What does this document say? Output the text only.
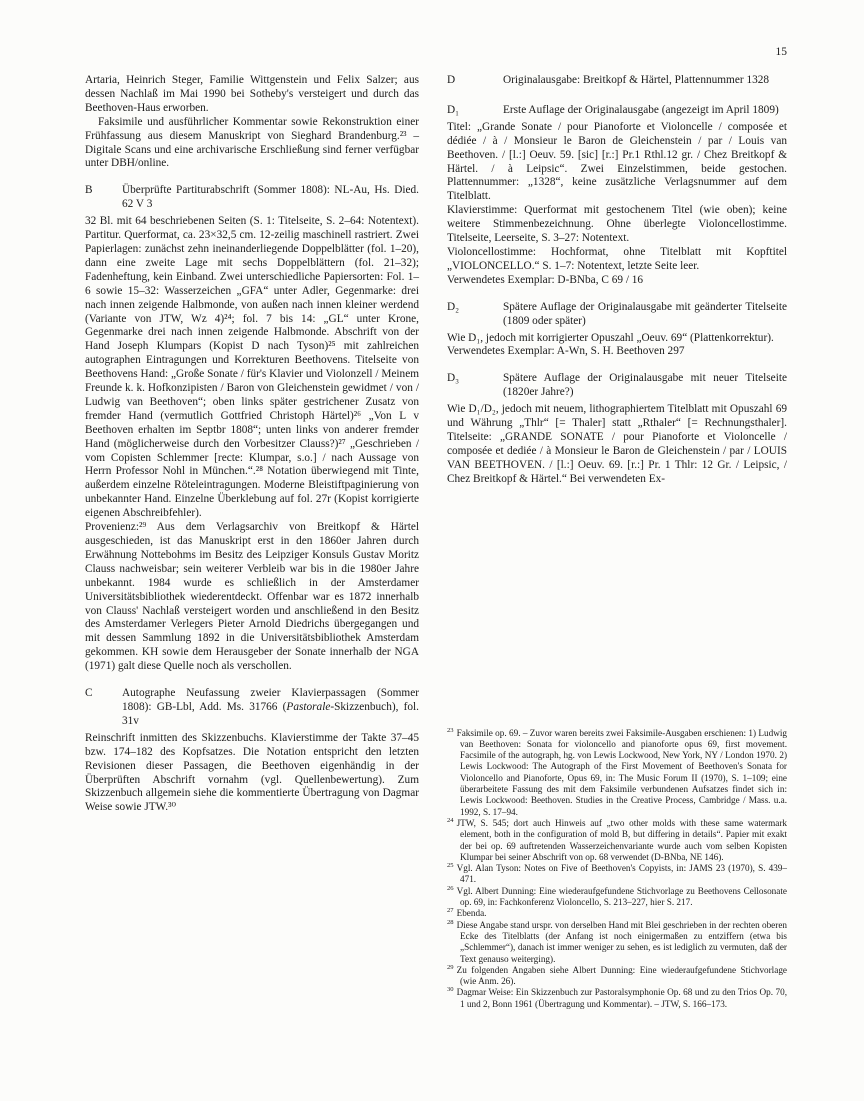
15

Artaria, Heinrich Steger, Familie Wittgenstein und Felix Salzer; aus dessen Nachlaß im Mai 1990 bei Sotheby's versteigert und durch das Beethoven-Haus erworben.

Faksimile und ausführlicher Kommentar sowie Rekonstruktion einer Frühfassung aus diesem Manuskript von Sieghard Brandenburg.²³ – Digitale Scans und eine archivarische Erschließung sind ferner verfügbar unter DBH/online.

B	Überprüfte Partiturabschrift (Sommer 1808): NL-Au, Hs. Died. 62 V 3

32 Bl. mit 64 beschriebenen Seiten (S. 1: Titelseite, S. 2–64: Notentext). Partitur. Querformat, ca. 23×32,5 cm. 12-zeilig maschinell rastriert. Zwei Papierlagen: zunächst zehn ineinanderliegende Doppelblätter (fol. 1–20), dann eine zweite Lage mit sechs Doppelblättern (fol. 21–32); Fadenheftung, kein Einband. Zwei unterschiedliche Papiersorten: Fol. 1–6 sowie 15–32: Wasserzeichen „GFA“ unter Adler, Gegenmarke: drei nach innen zeigende Halbmonde, von außen nach innen kleiner werdend (Variante von JTW, Wz 4)²⁴; fol. 7 bis 14: „GL“ unter Krone, Gegenmarke drei nach innen zeigende Halbmonde. Abschrift von der Hand Joseph Klumpars (Kopist D nach Tyson)²⁵ mit zahlreichen autographen Eintragungen und Korrekturen Beethovens. Titelseite von Beethovens Hand: „Große Sonate / für's Klavier und Violonzell / Meinem Freunde k. k. Hofkonzipisten / Baron von Gleichenstein gewidmet / von / Ludwig van Beethoven“; oben links später gestrichener Zusatz von fremder Hand (vermutlich Gottfried Christoph Härtel)²⁶ „Von L v Beethoven erhalten im Septbr 1808“; unten links von anderer fremder Hand (möglicherweise durch den Vorbesitzer Clauss?)²⁷ „Geschrieben / vom Copisten Schlemmer [recte: Klumpar, s.o.] / nach Aussage von Herrn Professor Nohl in München.“.²⁸ Notation überwiegend mit Tinte, außerdem einzelne Röteleintragungen. Moderne Bleistiftpaginierung von unbekannter Hand. Einzelne Überklebung auf fol. 27r (Kopist korrigierte eigenen Abschreibfehler).

Provenienz:²⁹ Aus dem Verlagsarchiv von Breitkopf & Härtel ausgeschieden, ist das Manuskript erst in den 1860er Jahren durch Erwähnung Nottebohms im Besitz des Leipziger Konsuls Gustav Moritz Clauss nachweisbar; sein weiterer Verbleib war bis in die 1980er Jahre unbekannt. 1984 wurde es schließlich in der Amsterdamer Universitätsbibliothek wiederentdeckt. Offenbar war es 1872 innerhalb von Clauss' Nachlaß versteigert worden und anschließend in den Besitz des Amsterdamer Verlegers Pieter Arnold Diedrichs übergegangen und mit dessen Sammlung 1892 in die Universitätsbibliothek Amsterdam gekommen. KH sowie dem Herausgeber der Sonate innerhalb der NGA (1971) galt diese Quelle noch als verschollen.

C	Autographe Neufassung zweier Klavierpassagen (Sommer 1808): GB-Lbl, Add. Ms. 31766 (Pastorale-Skizzenbuch), fol. 31v

Reinschrift inmitten des Skizzenbuchs. Klavierstimme der Takte 37–45 bzw. 174–182 des Kopfsatzes. Die Notation entspricht den letzten Revisionen dieser Passagen, die Beethoven eigenhändig in der Überprüften Abschrift vornahm (vgl. Quellenbewertung). Zum Skizzenbuch allgemein siehe die kommentierte Übertragung von Dagmar Weise sowie JTW.³⁰

D	Originalausgabe: Breitkopf & Härtel, Plattennummer 1328
D₁	Erste Auflage der Originalausgabe (angezeigt im April 1809)

Titel: „Grande Sonate / pour Pianoforte et Violoncelle / composée et dédiée / à / Monsieur le Baron de Gleichenstein / par / Louis van Beethoven. / [l.:] Oeuv. 59. [sic] [r.:] Pr.1 Rthl.12 gr. / Chez Breitkopf & Härtel. / à Leipsic“. Zwei Einzelstimmen, beide gestochen. Plattennummer: „1328“, keine zusätzliche Verlagsnummer auf dem Titelblatt.

Klavierstimme: Querformat mit gestochenem Titel (wie oben); keine weitere Stimmenbezeichnung. Ohne überlegte Violoncellostimme. Titelseite, Leerseite, S. 3–27: Notentext.

Violoncellostimme: Hochformat, ohne Titelblatt mit Kopftitel „VIOLONCELLO.“ S. 1–7: Notentext, letzte Seite leer.

Verwendetes Exemplar: D-BNba, C 69 / 16

D₂	Spätere Auflage der Originalausgabe mit geänderter Titelseite (1809 oder später)

Wie D₁, jedoch mit korrigierter Opuszahl „Oeuv. 69“ (Plattenkorrektur).

Verwendetes Exemplar: A-Wn, S. H. Beethoven 297

D₃	Spätere Auflage der Originalausgabe mit neuer Titelseite (1820er Jahre?)

Wie D₁/D₂, jedoch mit neuem, lithographiertem Titelblatt mit Opuszahl 69 und Währung „Thlr“ [= Thaler] statt „Rthaler“ [= Rechnungsthaler]. Titelseite: „GRANDE SONATE / pour Pianoforte et Violoncelle / composée et dediée / à Monsieur le Baron de Gleichenstein / par / LOUIS VAN BEETHOVEN. / [l.:] Oeuv. 69. [r.:] Pr. 1 Thlr: 12 Gr. / Leipsic, / Chez Breitkopf & Härtel.“ Bei verwendeten Ex-

$^{23}$ Faksimile op. 69. – Zuvor waren bereits zwei Faksimile-Ausgaben erschienen: 1) Ludwig van Beethoven: Sonata for violoncello and pianoforte opus 69, first movement. Facsimile of the autograph, hg. von Lewis Lockwood, New York, NY / London 1970. 2) Lewis Lockwood: The Autograph of the First Movement of Beethoven's Sonata for Violoncello and Pianoforte, Opus 69, in: The Music Forum II (1970), S. 1–109; eine überarbeitete Fassung des mit dem Faksimile verbundenen Aufsatzes findet sich in: Lewis Lockwood: Beethoven. Studies in the Creative Process, Cambridge / Mass. u.a. 1992, S. 17–94.
$^{24}$ JTW, S. 545; dort auch Hinweis auf „two other molds with these same watermark element, both in the configuration of mold B, but differing in details“. Papier mit exakt der bei op. 69 auftretenden Wasserzeichenvariante wurde auch vom selben Kopisten Klumpar bei seiner Abschrift von op. 68 verwendet (D-BNba, NE 146).
$^{25}$ Vgl. Alan Tyson: Notes on Five of Beethoven's Copyists, in: JAMS 23 (1970), S. 439–471.
$^{26}$ Vgl. Albert Dunning: Eine wiederaufgefundene Stichvorlage zu Beethovens Cellosonate op. 69, in: Fachkonferenz Violoncello, S. 213–227, hier S. 217.
$^{27}$ Ebenda.
$^{28}$ Diese Angabe stand urspr. von derselben Hand mit Blei geschrieben in der rechten oberen Ecke des Titelblatts (der Anfang ist noch einigermaßen zu entziffern (etwa bis „Schlemmer“), danach ist immer weniger zu sehen, es ist lediglich zu vermuten, daß der Text genauso weiterging).
$^{29}$ Zu folgenden Angaben siehe Albert Dunning: Eine wiederaufgefundene Stichvorlage (wie Anm. 26).
$^{30}$ Dagmar Weise: Ein Skizzenbuch zur Pastoralsymphonie Op. 68 und zu den Trios Op. 70, 1 und 2, Bonn 1961 (Übertragung und Kommentar). – JTW, S. 166–173.
